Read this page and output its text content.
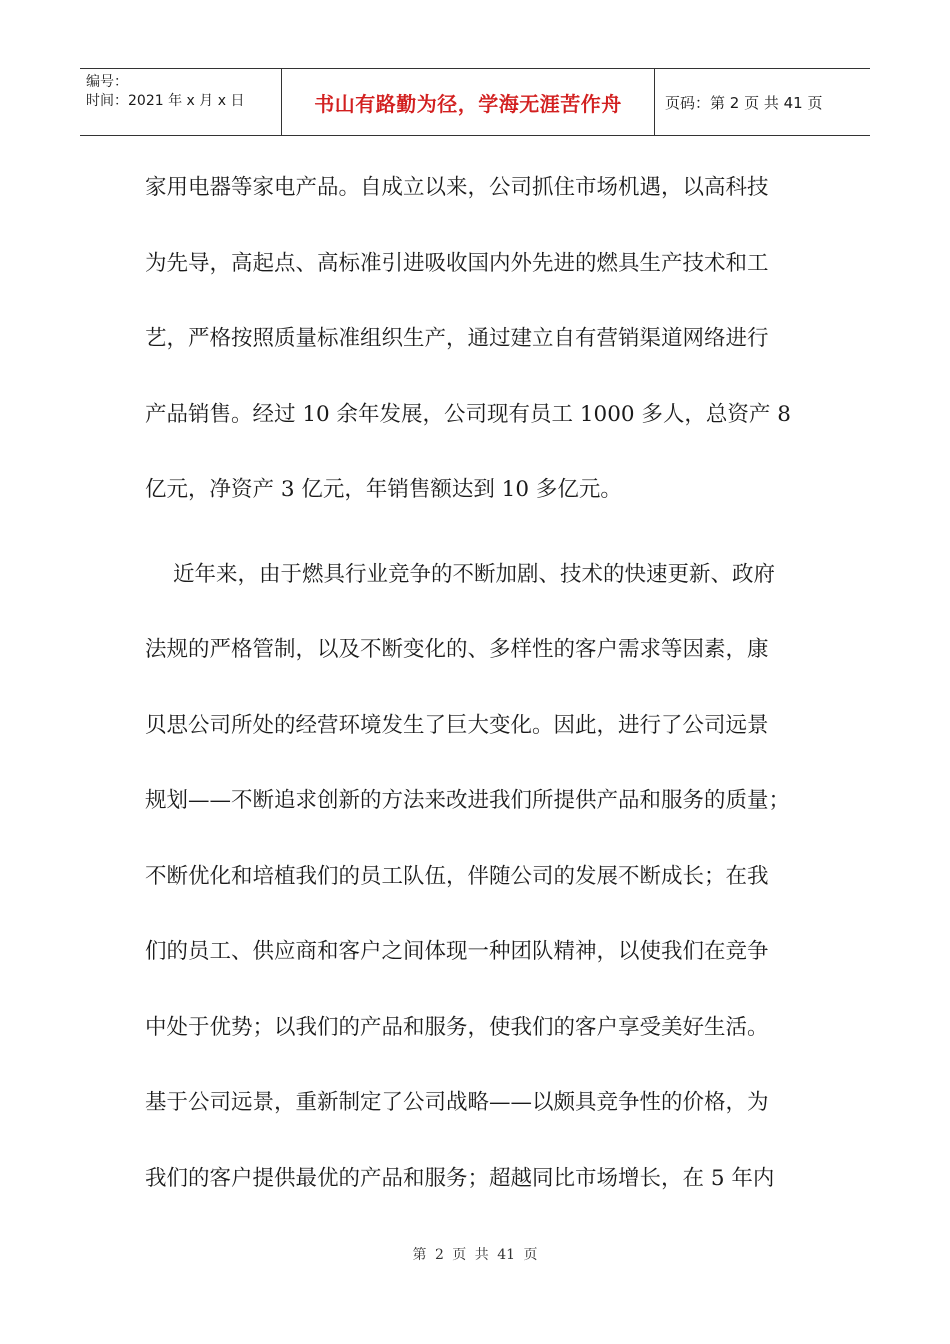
编号：
时间：2021 年 x 月 x 日	书山有路勤为径，学海无涯苦作舟	页码：第 2 页 共 41 页
家用电器等家电产品。自成立以来，公司抓住市场机遇，以高科技
为先导，高起点、高标准引进吸收国内外先进的燃具生产技术和工
艺，严格按照质量标准组织生产，通过建立自有营销渠道网络进行
产品销售。经过 10 余年发展，公司现有员工 1000 多人，总资产 8
亿元，净资产 3 亿元，年销售额达到 10 多亿元。
近年来，由于燃具行业竞争的不断加剧、技术的快速更新、政府
法规的严格管制，以及不断变化的、多样性的客户需求等因素，康
贝思公司所处的经营环境发生了巨大变化。因此，进行了公司远景
规划——不断追求创新的方法来改进我们所提供产品和服务的质量；
不断优化和培植我们的员工队伍，伴随公司的发展不断成长；在我
们的员工、供应商和客户之间体现一种团队精神，以使我们在竞争
中处于优势；以我们的产品和服务，使我们的客户享受美好生活。
基于公司远景，重新制定了公司战略——以颇具竞争性的价格，为
我们的客户提供最优的产品和服务；超越同比市场增长，在 5 年内
第 2 页 共 41 页
